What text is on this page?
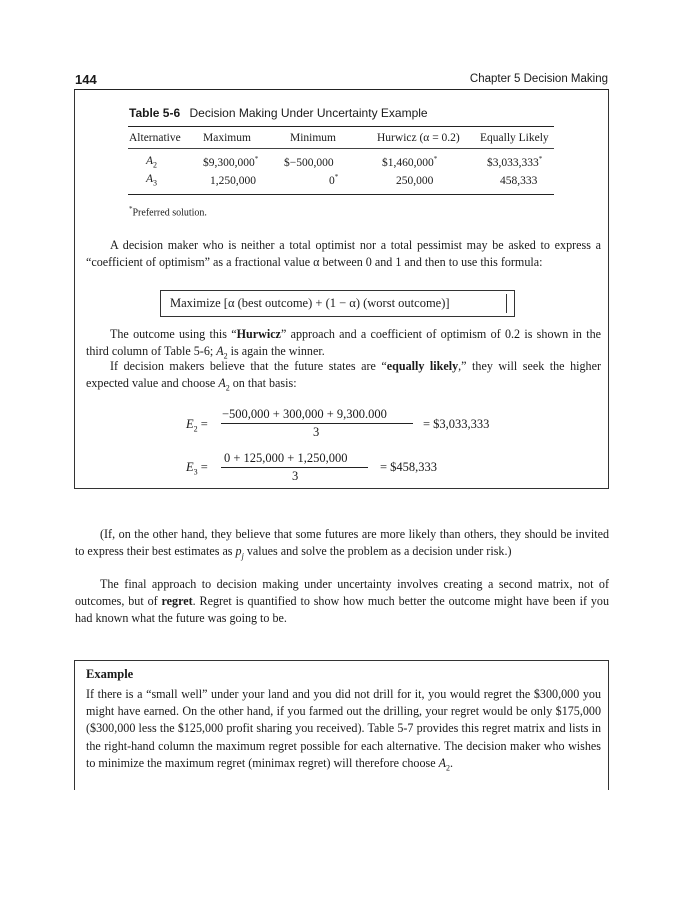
144	Chapter 5 Decision Making
Table 5-6 Decision Making Under Uncertainty Example
Alternative Maximum	Minimum	Hurwicz (α = 0.2) Equally Likely
$A_2$	$9,300,000* $−500,000	$1,460,000*	$3,033,333*
$A_3$	1,250,000	0*	250,000	458,333
*Preferred solution.
A decision maker who is neither a total optimist nor a total pessimist may be asked to express a “coefficient of optimism” as a fractional value α between 0 and 1 and then to use this formula:
Maximize [α (best outcome) + (1 − α) (worst outcome)]
The outcome using this “Hurwicz” approach and a coefficient of optimism of 0.2 is shown in the third column of Table 5-6; $A_2$ is again the winner.
If decision makers believe that the future states are “equally likely,” they will seek the higher expected value and choose $A_2$ on that basis:
$E_2$ =
−500,000 + 300,000 + 9,300.000
3
= $3,033,333
$E_3$ =
0 + 125,000 + 1,250,000
3
= $458,333
(If, on the other hand, they believe that some futures are more likely than others, they should be invited to express their best estimates as $p_j$ values and solve the problem as a decision under risk.)
The final approach to decision making under uncertainty involves creating a second matrix, not of outcomes, but of regret. Regret is quantified to show how much better the outcome might have been if you had known what the future was going to be.
Example
If there is a “small well” under your land and you did not drill for it, you would regret the $300,000 you might have earned. On the other hand, if you farmed out the drilling, your regret would be only $175,000 ($300,000 less the $125,000 profit sharing you received). Table 5-7 provides this regret matrix and lists in the right-hand column the maximum regret possible for each alternative. The decision maker who wishes to minimize the maximum regret (minimax regret) will therefore choose $A_2$.
